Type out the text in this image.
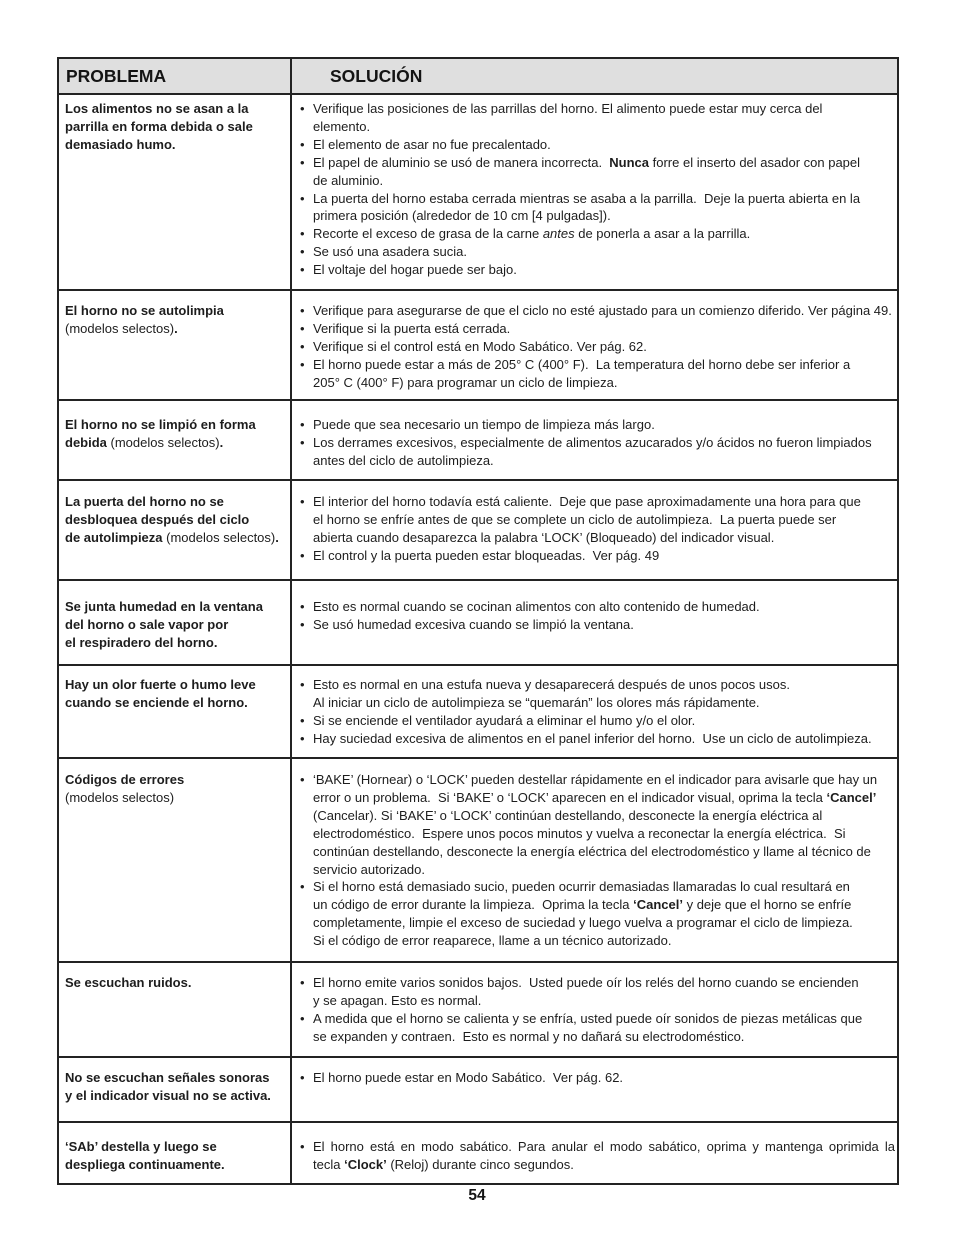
PROBLEMA	SOLUCIÓN
Los alimentos no se asan a la
parrilla en forma debida o sale
demasiado humo.
•
Verifique las posiciones de las parrillas del horno. El alimento puede estar muy cerca del
elemento.
•
El elemento de asar no fue precalentado.
•
El papel de aluminio se usó de manera incorrecta.  Nunca forre el inserto del asador con papel
de aluminio.
•
La puerta del horno estaba cerrada mientras se asaba a la parrilla.  Deje la puerta abierta en la
primera posición (alrededor de 10 cm [4 pulgadas]).
•
Recorte el exceso de grasa de la carne antes de ponerla a asar a la parrilla.
•
Se usó una asadera sucia.
•
El voltaje del hogar puede ser bajo.
El horno no se autolimpia
(modelos selectos).
•
Verifique para asegurarse de que el ciclo no esté ajustado para un comienzo diferido. Ver página 49.
•
Verifique si la puerta está cerrada.
•
Verifique si el control está en Modo Sabático. Ver pág. 62.
•
El horno puede estar a más de 205° C (400° F).  La temperatura del horno debe ser inferior a
205° C (400° F) para programar un ciclo de limpieza.
El horno no se limpió en forma
debida (modelos selectos).
•
Puede que sea necesario un tiempo de limpieza más largo.
•
Los derrames excesivos, especialmente de alimentos azucarados y/o ácidos no fueron limpiados
antes del ciclo de autolimpieza.
La puerta del horno no se
desbloquea después del ciclo
de autolimpieza (modelos selectos).
•
El interior del horno todavía está caliente.  Deje que pase aproximadamente una hora para que
el horno se enfríe antes de que se complete un ciclo de autolimpieza.  La puerta puede ser
abierta cuando desaparezca la palabra ‘LOCK’ (Bloqueado) del indicador visual.
•
El control y la puerta pueden estar bloqueadas.  Ver pág. 49
Se junta humedad en la ventana
del horno o sale vapor por
el respiradero del horno.
•
Esto es normal cuando se cocinan alimentos con alto contenido de humedad.
•
Se usó humedad excesiva cuando se limpió la ventana.
Hay un olor fuerte o humo leve
cuando se enciende el horno.
•
Esto es normal en una estufa nueva y desaparecerá después de unos pocos usos.
Al iniciar un ciclo de autolimpieza se “quemarán” los olores más rápidamente.
•
Si se enciende el ventilador ayudará a eliminar el humo y/o el olor.
•
Hay suciedad excesiva de alimentos en el panel inferior del horno.  Use un ciclo de autolimpieza.
Códigos de errores
(modelos selectos)
•
‘BAKE’ (Hornear) o ‘LOCK’ pueden destellar rápidamente en el indicador para avisarle que hay un
error o un problema.  Si ‘BAKE’ o ‘LOCK’ aparecen en el indicador visual, oprima la tecla ‘Cancel’
(Cancelar). Si ‘BAKE’ o ‘LOCK’ continúan destellando, desconecte la energía eléctrica al
electrodoméstico.  Espere unos pocos minutos y vuelva a reconectar la energía eléctrica.  Si
continúan destellando, desconecte la energía eléctrica del electrodoméstico y llame al técnico de
servicio autorizado.
•
Si el horno está demasiado sucio, pueden ocurrir demasiadas llamaradas lo cual resultará en
un código de error durante la limpieza.  Oprima la tecla ‘Cancel’ y deje que el horno se enfríe
completamente, limpie el exceso de suciedad y luego vuelva a programar el ciclo de limpieza.
Si el código de error reaparece, llame a un técnico autorizado.
Se escuchan ruidos.
•	El horno emite varios sonidos bajos.  Usted puede oír los relés del horno cuando se encienden
y se apagan. Esto es normal.
•
A medida que el horno se calienta y se enfría, usted puede oír sonidos de piezas metálicas que
se expanden y contraen.  Esto es normal y no dañará su electrodoméstico.
No se escuchan señales sonoras
y el indicador visual no se activa.
•
El horno puede estar en Modo Sabático.  Ver pág. 62.
‘SAb’ destella y luego se
despliega continuamente.
•
El horno está en modo sabático. Para anular el modo sabático, oprima y mantenga oprimida la
tecla ‘Clock’ (Reloj) durante cinco segundos.
54
